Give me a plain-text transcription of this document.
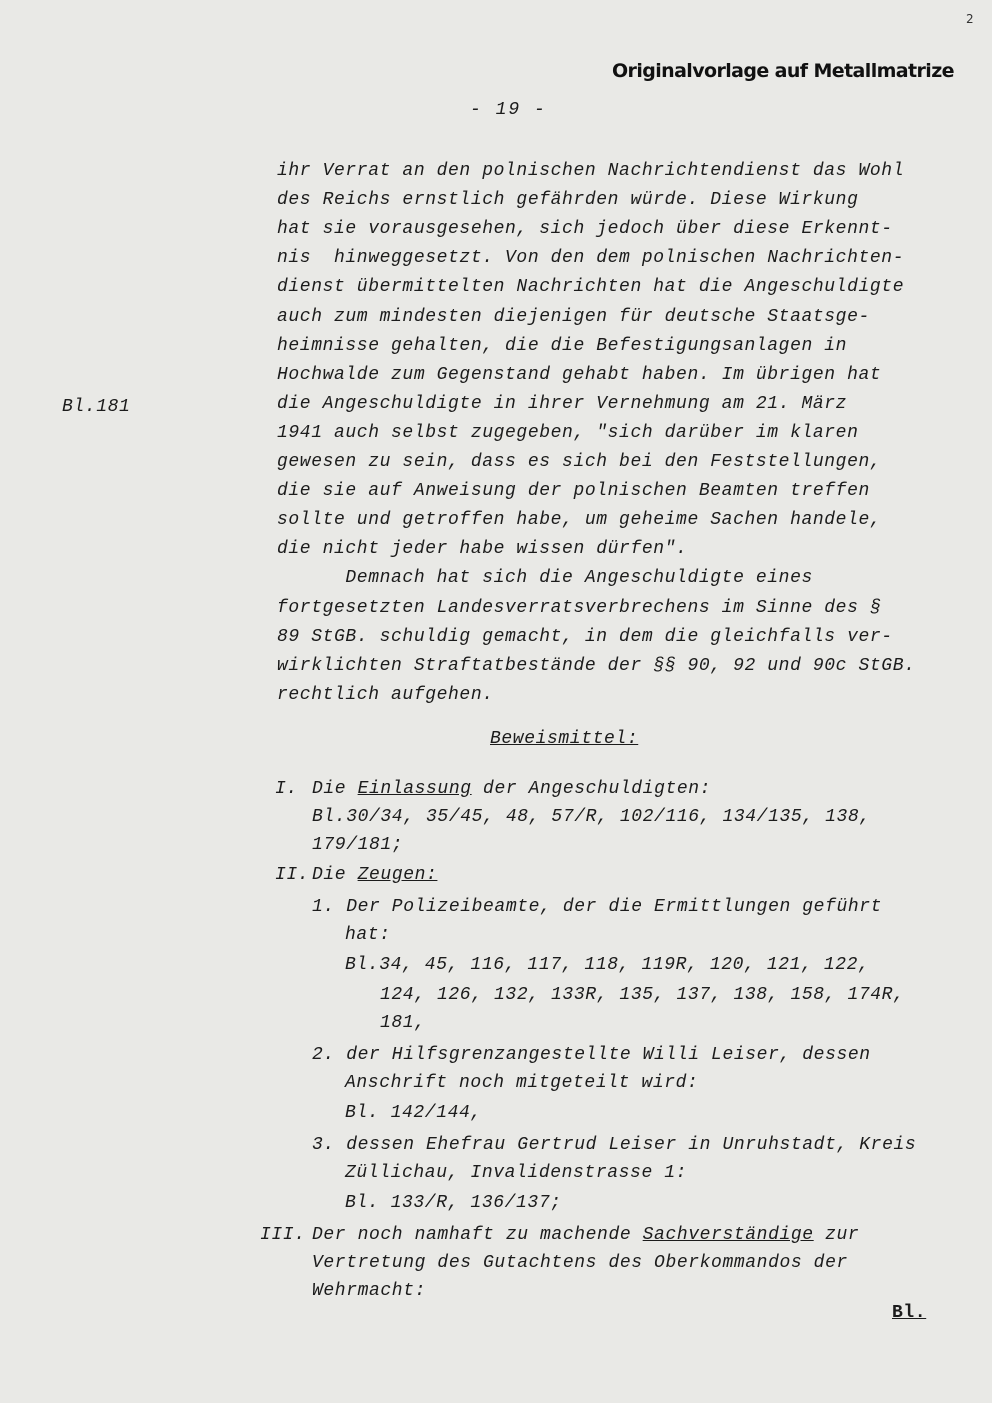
2
Originalvorlage auf Metallmatrize
- 19 -
Bl.181
ihr Verrat an den polnischen Nachrichtendienst das Wohl
des Reichs ernstlich gefährden würde. Diese Wirkung
hat sie vorausgesehen, sich jedoch über diese Erkennt-
nis  hinweggesetzt. Von den dem polnischen Nachrichten-
dienst übermittelten Nachrichten hat die Angeschuldigte
auch zum mindesten diejenigen für deutsche Staatsge-
heimnisse gehalten, die die Befestigungsanlagen in
Hochwalde zum Gegenstand gehabt haben. Im übrigen hat
die Angeschuldigte in ihrer Vernehmung am 21. März
1941 auch selbst zugegeben, "sich darüber im klaren
gewesen zu sein, dass es sich bei den Feststellungen,
die sie auf Anweisung der polnischen Beamten treffen
sollte und getroffen habe, um geheime Sachen handele,
die nicht jeder habe wissen dürfen".
Demnach hat sich die Angeschuldigte eines
fortgesetzten Landesverratsverbrechens im Sinne des §
89 StGB. schuldig gemacht, in dem die gleichfalls ver-
wirklichten Straftatbestände der §§ 90, 92 und 90c StGB.
rechtlich aufgehen.
Beweismittel:
I. Die Einlassung der Angeschuldigten:
Bl.30/34, 35/45, 48, 57/R, 102/116, 134/135, 138,
179/181;
II. Die Zeugen:
1. Der Polizeibeamte, der die Ermittlungen geführt
hat:
Bl.34, 45, 116, 117, 118, 119R, 120, 121, 122,
124, 126, 132, 133R, 135, 137, 138, 158, 174R,
181,
2. der Hilfsgrenzangestellte Willi Leiser, dessen
Anschrift noch mitgeteilt wird:
Bl. 142/144,
3. dessen Ehefrau Gertrud Leiser in Unruhstadt, Kreis
Züllichau, Invalidenstrasse 1:
Bl. 133/R, 136/137;
III. Der noch namhaft zu machende Sachverständige zur
Vertretung des Gutachtens des Oberkommandos der
Wehrmacht:
Bl.
